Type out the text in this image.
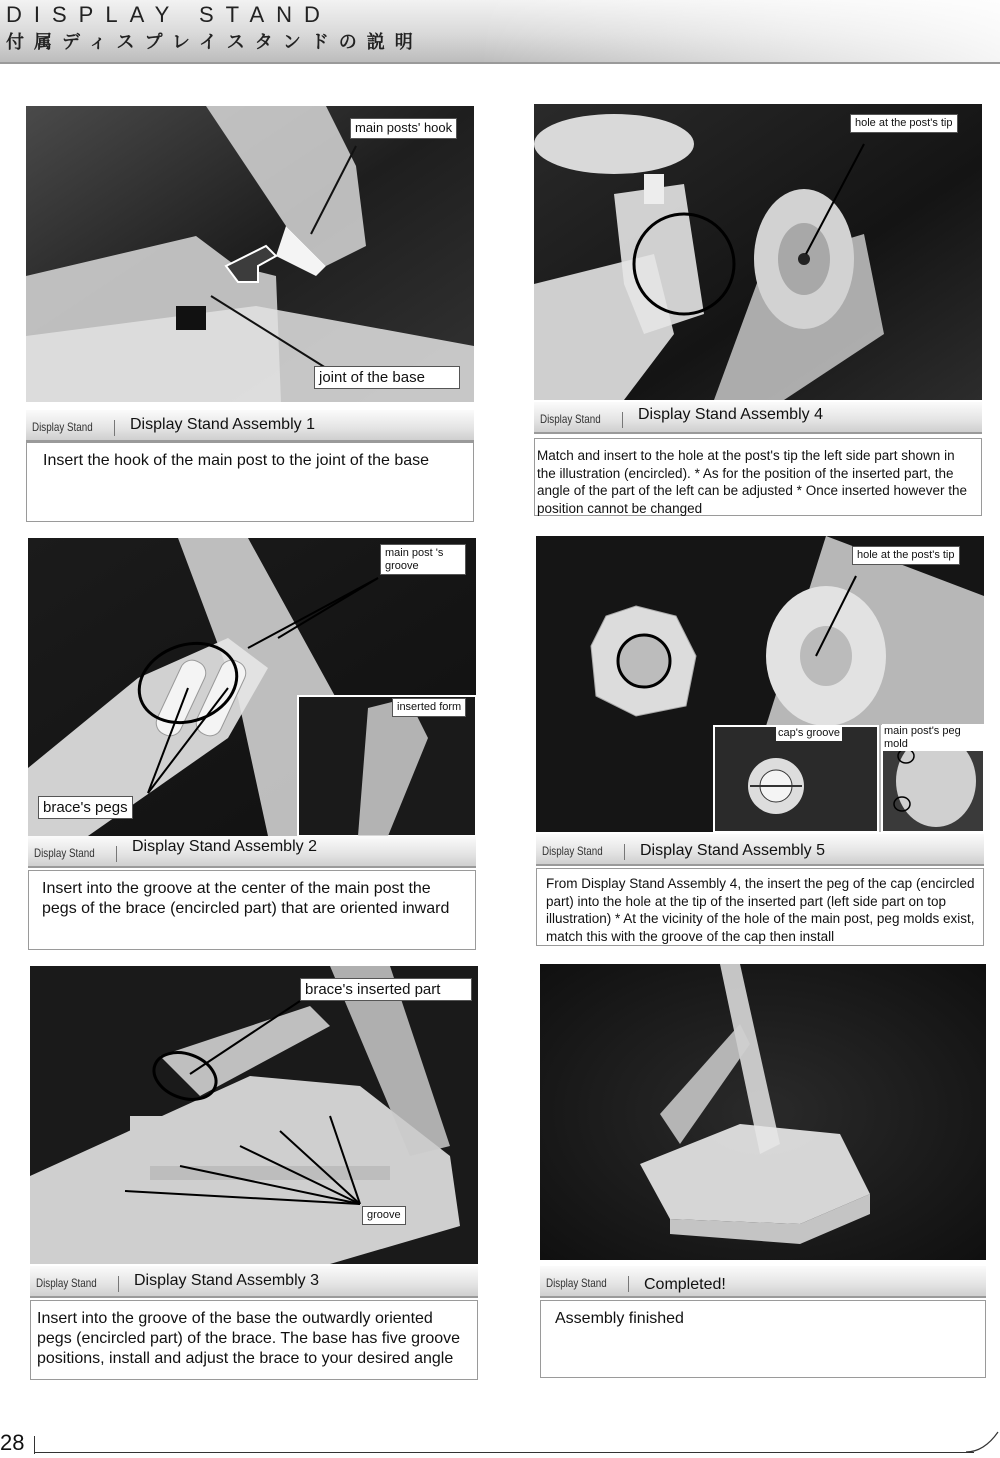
DISPLAY STAND
付属ディスプレイスタンドの説明
main posts' hook
joint of the base
Display Stand Display Stand Assembly 1
Insert the hook of the main post to the joint of the base
hole at the post's tip
Display Stand Display Stand Assembly 4
Match and insert to the hole at the post's tip the left side part shown in the illustration (encircled). * As for the position of the inserted part, the angle of the part of the left can be adjusted * Once inserted however the position cannot be changed
main post 's groove
inserted form
brace's pegs
Display Stand Display Stand Assembly 2
Insert into the groove at the center of the main post the pegs of the brace (encircled part) that are oriented inward
hole at the post's tip
cap's groove	main post's peg mold
Display Stand Display Stand Assembly 5
From Display Stand Assembly 4, the insert the peg of the cap (encircled part) into the hole at the tip of the inserted part (left side part on top illustration) * At the vicinity of the hole of the main post, peg molds exist, match this with the groove of the cap then install
brace's inserted part
groove
Display Stand Display Stand Assembly 3
Insert into the groove of the base the outwardly oriented pegs (encircled part) of the brace. The base has five groove positions, install and adjust the brace to your desired angle
Display Stand Completed!
Assembly finished
28
